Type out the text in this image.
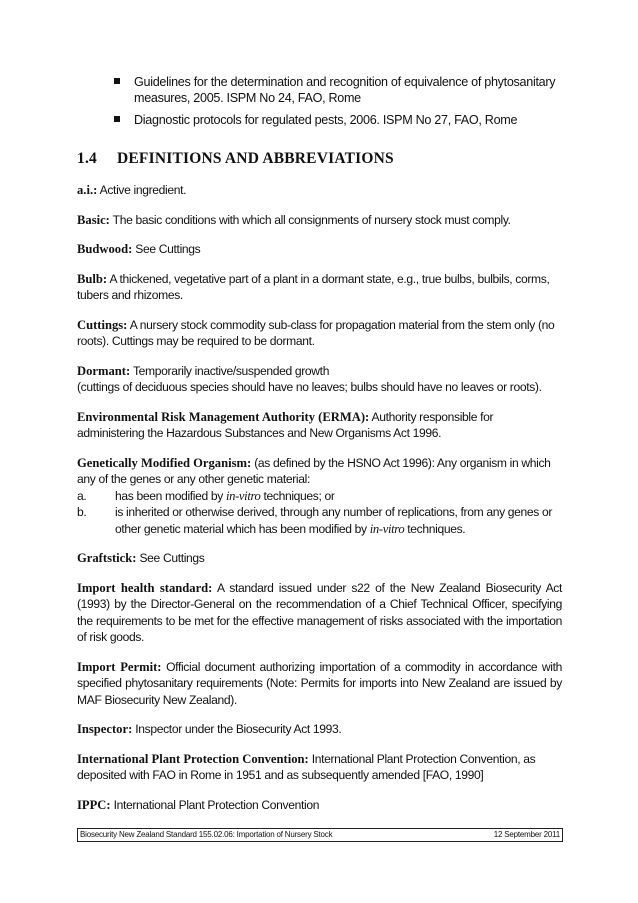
Guidelines for the determination and recognition of equivalence of phytosanitary measures, 2005. ISPM No 24, FAO, Rome
Diagnostic protocols for regulated pests, 2006. ISPM No 27, FAO, Rome
1.4 DEFINITIONS AND ABBREVIATIONS

a.i.: Active ingredient.

Basic: The basic conditions with which all consignments of nursery stock must comply.

Budwood: See Cuttings

Bulb: A thickened, vegetative part of a plant in a dormant state, e.g., true bulbs, bulbils, corms, tubers and rhizomes.

Cuttings: A nursery stock commodity sub-class for propagation material from the stem only (no roots). Cuttings may be required to be dormant.

Dormant: Temporarily inactive/suspended growth
(cuttings of deciduous species should have no leaves; bulbs should have no leaves or roots).

Environmental Risk Management Authority (ERMA): Authority responsible for administering the Hazardous Substances and New Organisms Act 1996.

Genetically Modified Organism: (as defined by the HSNO Act 1996): Any organism in which any of the genes or any other genetic material:
a.	has been modified by in-vitro techniques; or
b.	is inherited or otherwise derived, through any number of replications, from any genes or other genetic material which has been modified by in-vitro techniques.

Graftstick: See Cuttings

Import health standard: A standard issued under s22 of the New Zealand Biosecurity Act (1993) by the Director-General on the recommendation of a Chief Technical Officer, specifying the requirements to be met for the effective management of risks associated with the importation of risk goods.

Import Permit: Official document authorizing importation of a commodity in accordance with specified phytosanitary requirements (Note: Permits for imports into New Zealand are issued by MAF Biosecurity New Zealand).

Inspector: Inspector under the Biosecurity Act 1993.

International Plant Protection Convention: International Plant Protection Convention, as deposited with FAO in Rome in 1951 and as subsequently amended [FAO, 1990]

IPPC: International Plant Protection Convention

Biosecurity New Zealand Standard 155.02.06: Importation of Nursery Stock	12 September 2011
